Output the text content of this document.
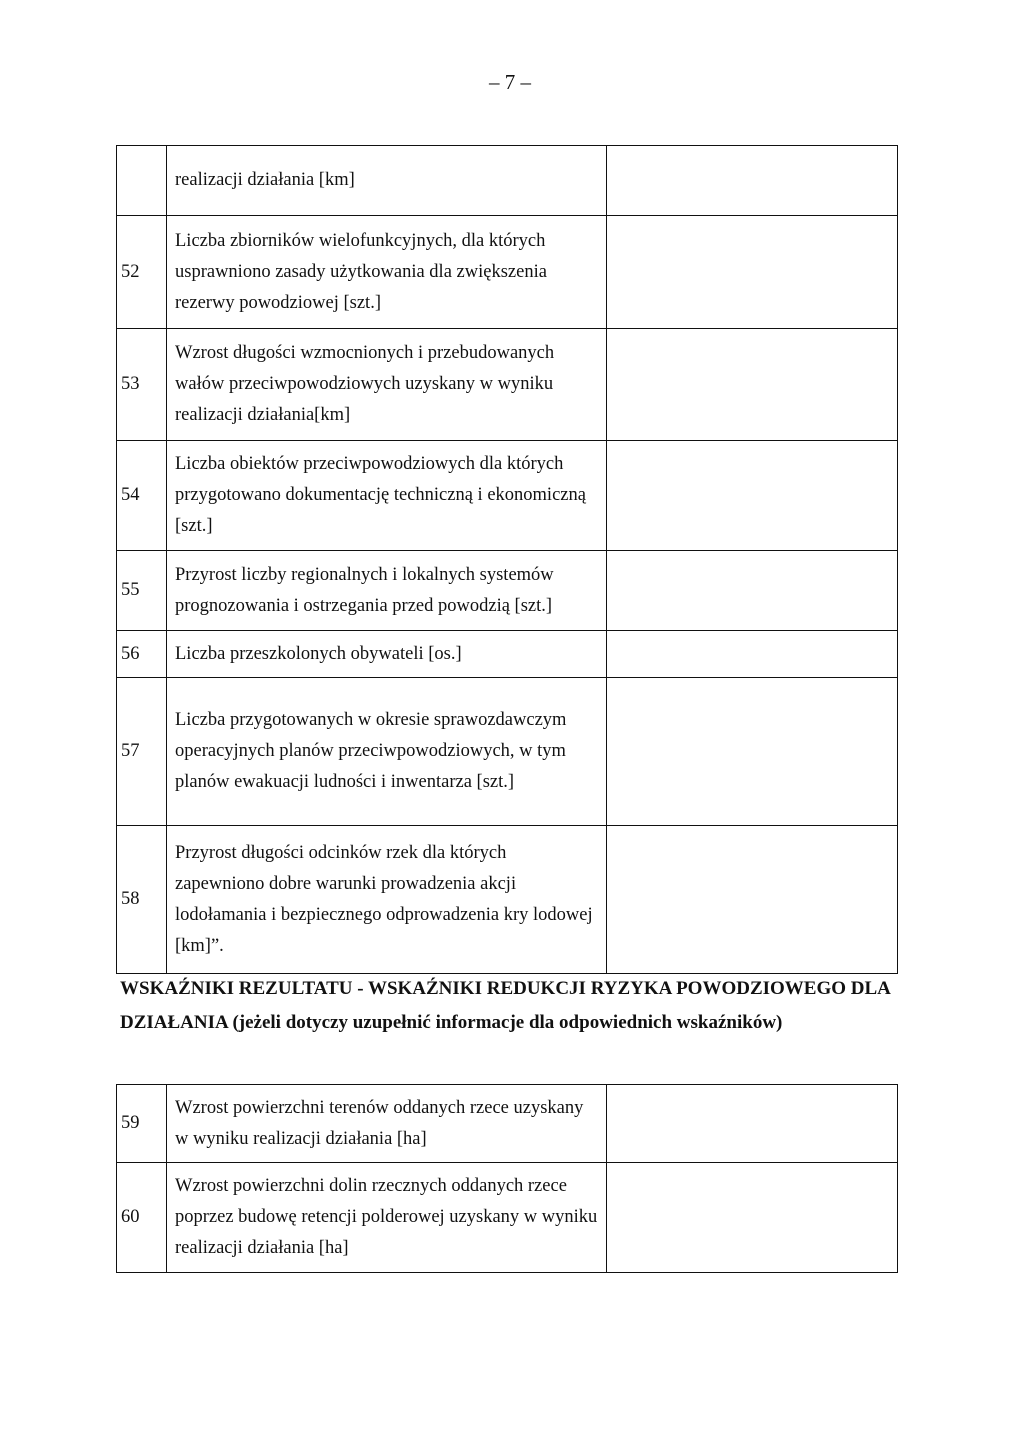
– 7 –
	realizacji działania [km]	
52	Liczba zbiorników wielofunkcyjnych, dla których usprawniono zasady użytkowania dla zwiększenia rezerwy powodziowej [szt.]	
53	Wzrost długości wzmocnionych i przebudowanych wałów przeciwpowodziowych uzyskany w wyniku realizacji działania[km]	
54	Liczba obiektów przeciwpowodziowych dla których przygotowano dokumentację techniczną i ekonomiczną [szt.]	
55	Przyrost liczby regionalnych i lokalnych systemów prognozowania i ostrzegania przed powodzią [szt.]	
56	Liczba przeszkolonych obywateli [os.]	
57	Liczba przygotowanych w okresie sprawozdawczym operacyjnych planów przeciwpowodziowych, w tym planów ewakuacji ludności i inwentarza [szt.]	
58	Przyrost długości odcinków rzek dla których zapewniono dobre warunki prowadzenia akcji lodołamania i bezpiecznego odprowadzenia kry lodowej [km]”.	
WSKAŹNIKI REZULTATU - WSKAŹNIKI REDUKCJI RYZYKA POWODZIOWEGO DLA DZIAŁANIA (jeżeli dotyczy uzupełnić informacje dla odpowiednich wskaźników)
59	Wzrost powierzchni terenów oddanych rzece uzyskany w wyniku realizacji działania [ha]	
60	Wzrost powierzchni dolin rzecznych oddanych rzece poprzez budowę retencji polderowej uzyskany w wyniku realizacji działania [ha]	
